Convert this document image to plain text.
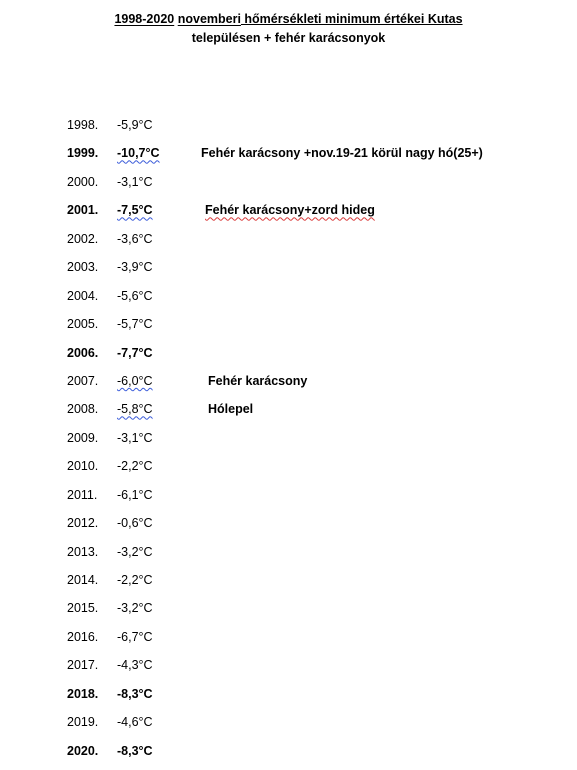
1998-2020 novemberi hőmérsékleti minimum értékei Kutas
településen + fehér karácsonyok
1998. -5,9°C
1999. -10,7°C	Fehér karácsony +nov.19-21 körül nagy hó(25+)
2000. -3,1°C
2001. -7,5°C	Fehér karácsony+zord hideg
2002. -3,6°C
2003. -3,9°C
2004. -5,6°C
2005. -5,7°C
2006. -7,7°C
2007. -6,0°C	Fehér karácsony
2008. -5,8°C	Hólepel
2009. -3,1°C
2010. -2,2°C
2011. -6,1°C
2012. -0,6°C
2013. -3,2°C
2014. -2,2°C
2015. -3,2°C
2016. -6,7°C
2017. -4,3°C
2018. -8,3°C
2019. -4,6°C
2020. -8,3°C
